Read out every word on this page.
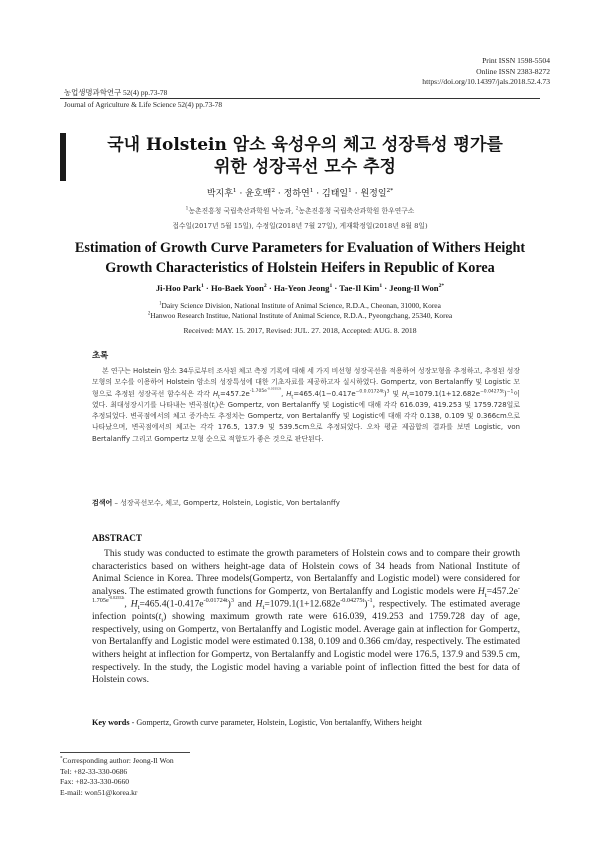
Print ISSN 1598-5504
Online ISSN 2383-8272
https://doi.org/10.14397/jals.2018.52.4.73
농업생명과학연구 52(4) pp.73-78
Journal of Agriculture & Life Science 52(4) pp.73-78
국내 Holstein 암소 육성우의 체고 성장특성 평가를
위한 성장곡선 모수 추정
박지후$^1$ · 윤호백$^2$ · 정하연$^1$ · 김태일$^1$ · 원정일$^{2*}$
$^1$농촌진흥청 국립축산과학원 낙농과, $^2$농촌진흥청 국립축산과학원 한우연구소
접수일(2017년 5월 15일), 수정일(2018년 7월 27일), 게재확정일(2018년 8월 8일)
Estimation of Growth Curve Parameters for Evaluation of Withers Height
Growth Characteristics of Holstein Heifers in Republic of Korea
Ji-Hoo Park$^1$ · Ho-Baek Yoon$^2$ · Ha-Yeon Jeong$^1$ · Tae-Il Kim$^1$ · Jeong-Il Won$^{2*}$
$^1$Dairy Science Division, National Institute of Animal Science, R.D.A., Cheonan, 31000, Korea
$^2$Hanwoo Research Institue, National Institute of Animal Science, R.D.A., Pyeongchang, 25340, Korea
Received: MAY. 15. 2017, Revised: JUL. 27. 2018, Accepted: AUG. 8. 2018
초록

본 연구는 Holstein 암소 34두로부터 조사된 체고 측정 기록에 대해 세 가지 비선형 성장곡선을 적용하여 성장모형을 추정하고, 추정된 성장모형의 모수를 이용하여 Holstein 암소의 성장특성에 대한 기초자료를 제공하고자 실시하였다. Gompertz, von Bertalanffy 및 Logistic 모형으로 추정된 성장곡선 함수식은 각각 $H_t=457.2e^{-1.705e^{-0.02552t}}$, $H_t=465.4(1-0.417e^{-0.0.01724t})^3$ 및 $H_t=1079.1(1+12.682e^{-0.04275t})^{-1}$이였다. 최대성장시기를 나타내는 변곡점$(t_i)$은 Gompertz, von Bertalanffy 및 Logistic에 대해 각각 616.039, 419.253 및 1759.728일로 추정되었다. 변곡점에서의 체고 증가속도 추정치는 Gompertz, von Bertalanffy 및 Logistic에 대해 각각 0.138, 0.109 및 0.366cm으로 나타났으며, 변곡점에서의 체고는 각각 176.5, 137.9 및 539.5cm으로 추정되었다. 오차 평균 제곱합의 결과를 보면 Logistic, von Bertalanffy 그리고 Gompertz 모형 순으로 적합도가 좋은 것으로 판단된다.

검색어 – 성장곡선모수, 체고, Gompertz, Holstein, Logistic, Von bertalanffy
ABSTRACT

This study was conducted to estimate the growth parameters of Holstein cows and to compare their growth characteristics based on withers height-age data of Holstein cows of 34 heads from National Institute of Animal Science in Korea. Three models(Gompertz, von Bertalanffy and Logistic model) were considered for analyses. The estimated growth functions for Gompertz, von Bertalanffy and Logistic models were $H_t=457.2e^{-1.705e^{-0.02552t}}$, $H_t=465.4(1-0.417e^{-0.01724t})^3$ and $H_t=1079.1(1+12.682e^{-0.04275t})^{-1}$, respectively. The estimated average infection $points(t_i)$ showing maximum growth rate were 616.039, 419.253 and 1759.728 day of age, respectively, using on Gompertz, von Bertalanffy and Logistic model. Average gain at inflection for Gompertz, von Bertalanffy and Logistic model were estimated 0.138, 0.109 and 0.366 cm/day, respectively. The estimated withers height at inflection for Gompertz, von Bertalanffy and Logistic model were 176.5, 137.9 and 539.5 cm, respectively. In the study, the Logistic model having a variable point of inflection fitted the best for data of Holstein cows.

Key words - Gompertz, Growth curve parameter, Holstein, Logistic, Von bertalanffy, Withers height
*Corresponding author: Jeong-Il Won
Tel: +82-33-330-0686
Fax: +82-33-330-0660
E-mail: won51@korea.kr
